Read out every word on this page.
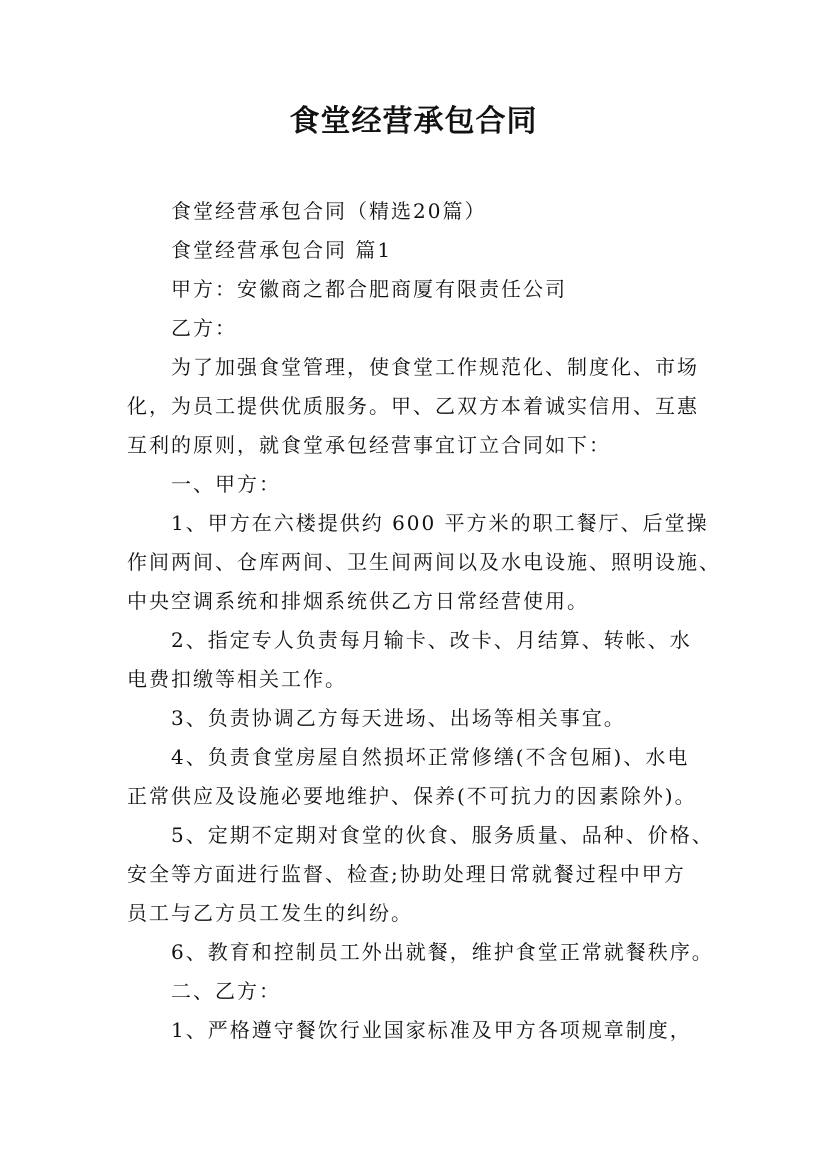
食堂经营承包合同

食堂经营承包合同（精选20篇）

食堂经营承包合同 篇1

甲方：安徽商之都合肥商厦有限责任公司

乙方：

为了加强食堂管理，使食堂工作规范化、制度化、市场
化，为员工提供优质服务。甲、乙双方本着诚实信用、互惠
互利的原则，就食堂承包经营事宜订立合同如下：

一、甲方：

1、甲方在六楼提供约 600 平方米的职工餐厅、后堂操
作间两间、仓库两间、卫生间两间以及水电设施、照明设施、
中央空调系统和排烟系统供乙方日常经营使用。

2、指定专人负责每月输卡、改卡、月结算、转帐、水
电费扣缴等相关工作。

3、负责协调乙方每天进场、出场等相关事宜。

4、负责食堂房屋自然损坏正常修缮(不含包厢)、水电
正常供应及设施必要地维护、保养(不可抗力的因素除外)。

5、定期不定期对食堂的伙食、服务质量、品种、价格、
安全等方面进行监督、检查;协助处理日常就餐过程中甲方
员工与乙方员工发生的纠纷。

6、教育和控制员工外出就餐，维护食堂正常就餐秩序。

二、乙方：

1、严格遵守餐饮行业国家标准及甲方各项规章制度，
